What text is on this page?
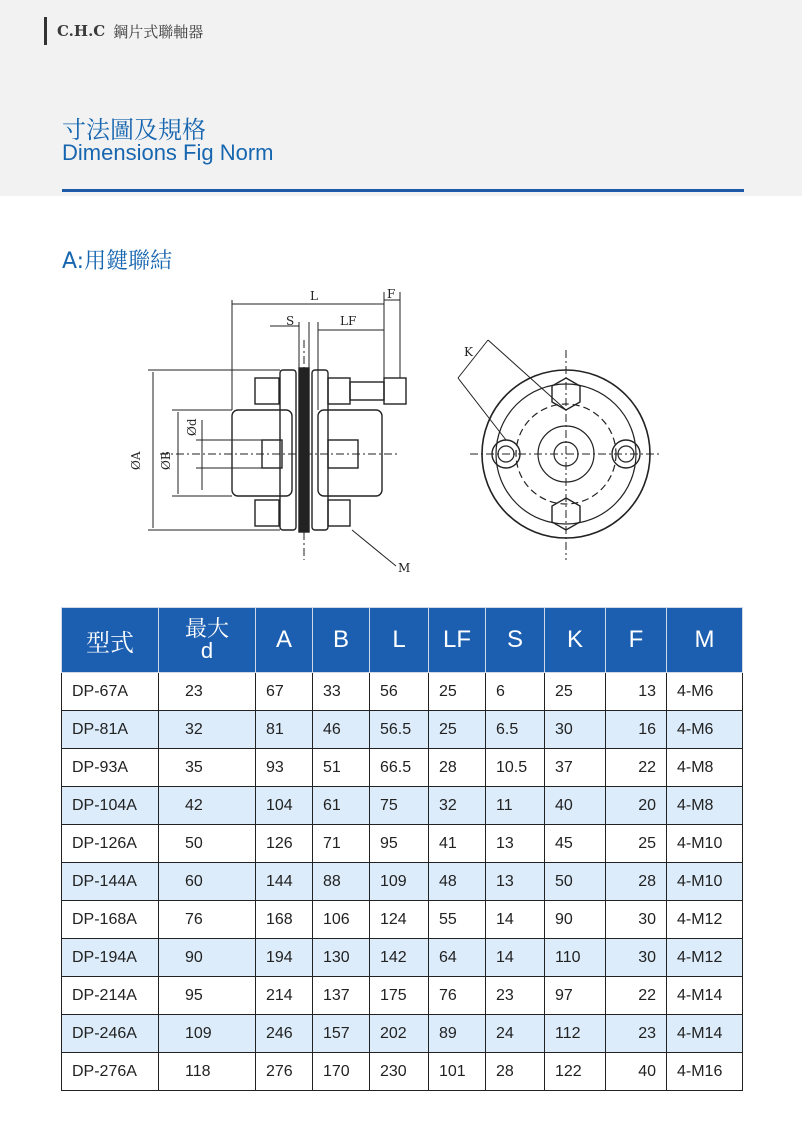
C.H.C 鋼片式聯軸器
寸法圖及規格
Dimensions Fig Norm
A:用鍵聯結
L	F
S	LF
ØA ØB
Ød
M
K
型式	最大
d	A	B	L	LF	S	K	F	M
DP-67A	23	67	33	56	25	6	25	13	4-M6
DP-81A	32	81	46	56.5	25	6.5	30	16	4-M6
DP-93A	35	93	51	66.5	28	10.5	37	22	4-M8
DP-104A	42	104	61	75	32	11	40	20	4-M8
DP-126A	50	126	71	95	41	13	45	25	4-M10
DP-144A	60	144	88	109	48	13	50	28	4-M10
DP-168A	76	168	106	124	55	14	90	30	4-M12
DP-194A	90	194	130	142	64	14	110	30	4-M12
DP-214A	95	214	137	175	76	23	97	22	4-M14
DP-246A	109	246	157	202	89	24	112	23	4-M14
DP-276A	118	276	170	230	101	28	122	40	4-M16
